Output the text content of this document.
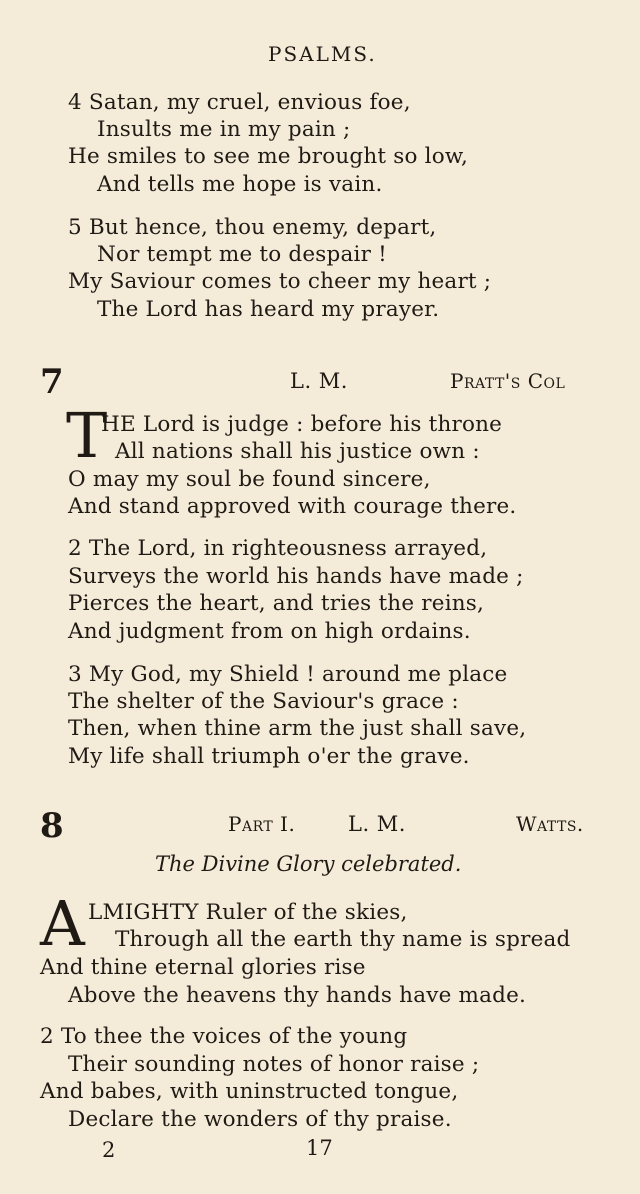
PSALMS.
4 Satan, my cruel, envious foe,
Insults me in my pain ;
He smiles to see me brought so low,
And tells me hope is vain.
5 But hence, thou enemy, depart,
Nor tempt me to despair !
My Saviour comes to cheer my heart ;
The Lord has heard my prayer.
7	L. M.	Pratt's Col
T
HE Lord is judge : before his throne
All nations shall his justice own :
O may my soul be found sincere,
And stand approved with courage there.
2 The Lord, in righteousness arrayed,
Surveys the world his hands have made ;
Pierces the heart, and tries the reins,
And judgment from on high ordains.
3 My God, my Shield ! around me place
The shelter of the Saviour's grace :
Then, when thine arm the just shall save,
My life shall triumph o'er the grave.
8	Part I.	L. M.	Watts.
The Divine Glory celebrated.
A LMIGHTY Ruler of the skies,
Through all the earth thy name is spread
And thine eternal glories rise
Above the heavens thy hands have made.
2 To thee the voices of the young
Their sounding notes of honor raise ;
And babes, with uninstructed tongue,
Declare the wonders of thy praise.
2	17
